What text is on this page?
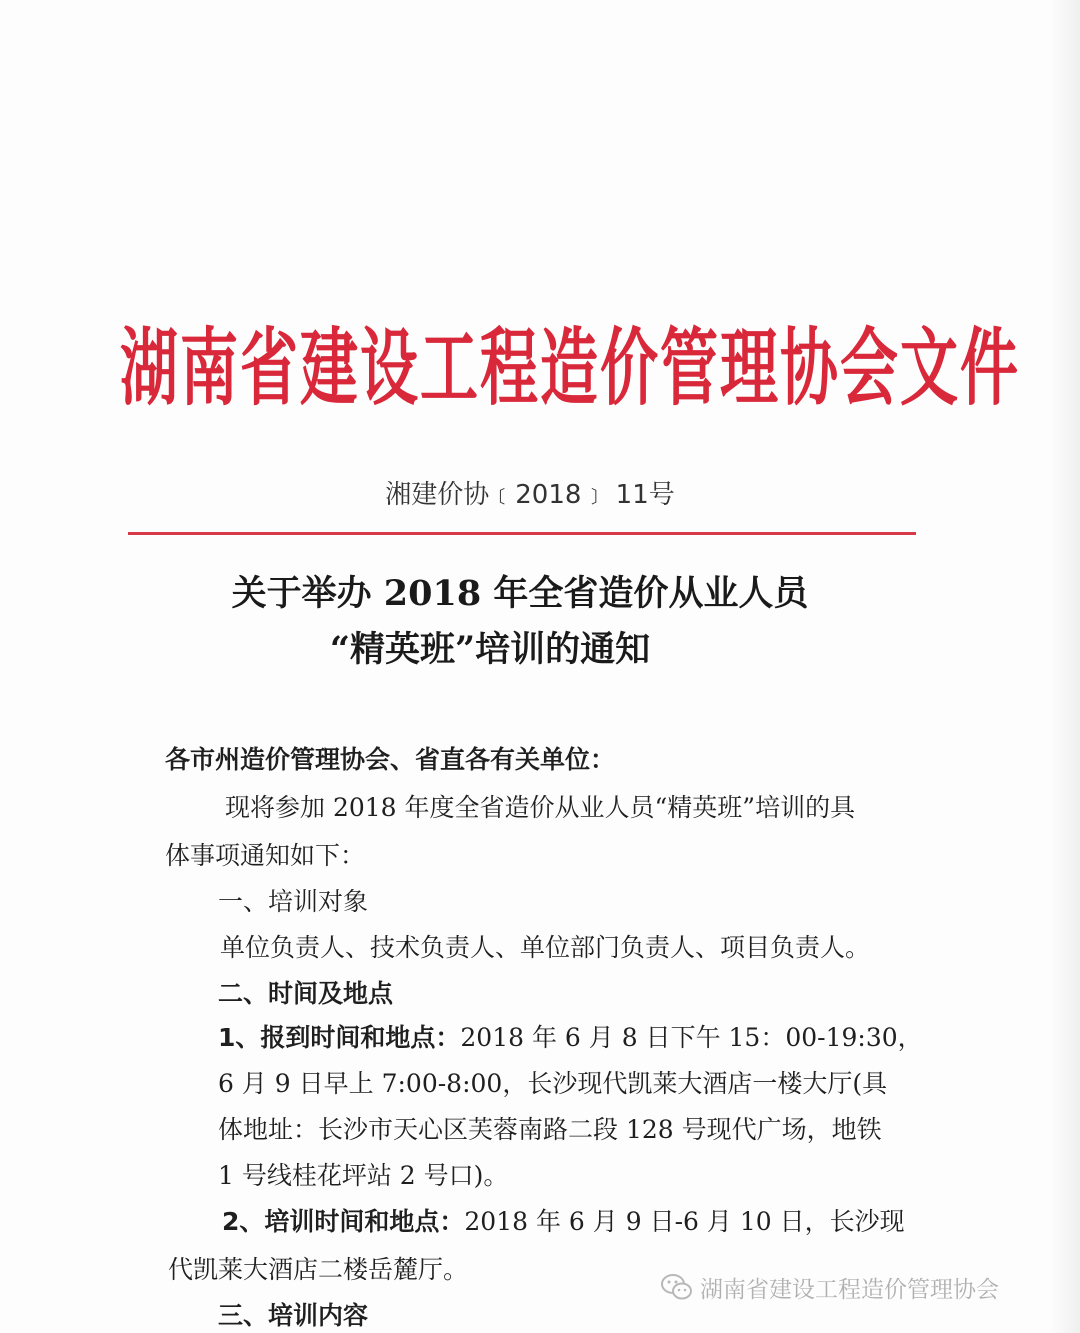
湖南省建设工程造价管理协会文件
湘建价协﹝2018﹞ 11号
关于举办 2018 年全省造价从业人员
“精英班”培训的通知
各市州造价管理协会、省直各有关单位：
现将参加 2018 年度全省造价从业人员“精英班”培训的具
体事项通知如下：
一、培训对象
单位负责人、技术负责人、单位部门负责人、项目负责人。
二、时间及地点
1、报到时间和地点：2018 年 6 月 8 日下午 15：00-19:30，
6 月 9 日早上 7:00-8:00，长沙现代凯莱大酒店一楼大厅(具
体地址：长沙市天心区芙蓉南路二段 128 号现代广场，地铁
1 号线桂花坪站 2 号口)。
2、培训时间和地点：2018 年 6 月 9 日-6 月 10 日，长沙现
代凯莱大酒店二楼岳麓厅。
三、培训内容
湖南省建设工程造价管理协会
